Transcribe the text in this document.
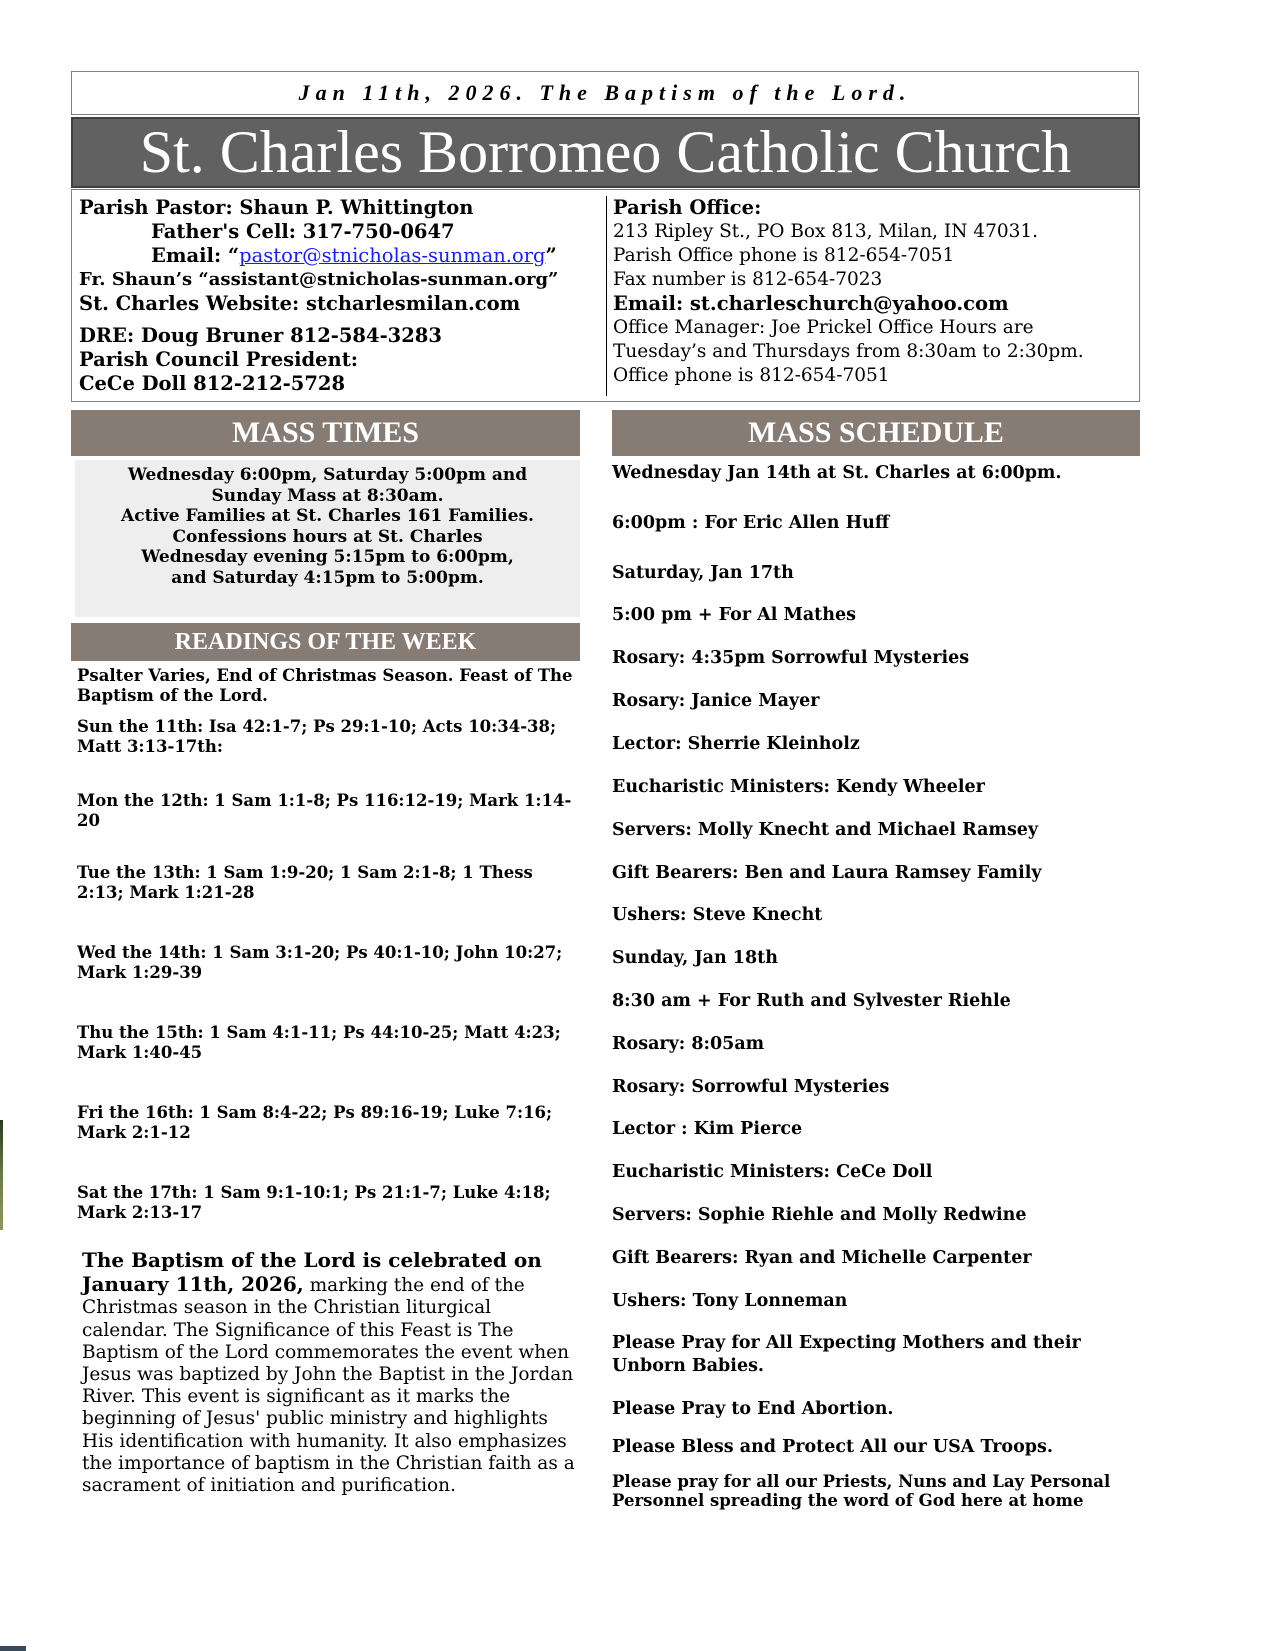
Jan 11th, 2026. The Baptism of the Lord.
St. Charles Borromeo Catholic Church
Parish Pastor: Shaun P. Whittington
Father's Cell: 317-750-0647
Email: “pastor@stnicholas-sunman.org”
Fr. Shaun’s “assistant@stnicholas-sunman.org”
St. Charles Website: stcharlesmilan.com
DRE: Doug Bruner 812-584-3283
Parish Council President:
CeCe Doll 812-212-5728
Parish Office:
213 Ripley St., PO Box 813, Milan, IN 47031.
Parish Office phone is 812-654-7051
Fax number is 812-654-7023
Email: st.charleschurch@yahoo.com
Office Manager: Joe Prickel Office Hours are
Tuesday’s and Thursdays from 8:30am to 2:30pm.
Office phone is 812-654-7051
MASS TIMES
Wednesday 6:00pm, Saturday 5:00pm and
Sunday Mass at 8:30am.
Active Families at St. Charles 161 Families.
Confessions hours at St. Charles
Wednesday evening 5:15pm to 6:00pm,
and Saturday 4:15pm to 5:00pm.
READINGS OF THE WEEK
Psalter Varies, End of Christmas Season. Feast of The Baptism of the Lord.
Sun the 11th: Isa 42:1-7; Ps 29:1-10; Acts 10:34-38; Matt 3:13-17th:
Mon the 12th: 1 Sam 1:1-8; Ps 116:12-19; Mark 1:14-20
Tue the 13th: 1 Sam 1:9-20; 1 Sam 2:1-8; 1 Thess 2:13; Mark 1:21-28
Wed the 14th: 1 Sam 3:1-20; Ps 40:1-10; John 10:27; Mark 1:29-39
Thu the 15th: 1 Sam 4:1-11; Ps 44:10-25; Matt 4:23; Mark 1:40-45
Fri the 16th: 1 Sam 8:4-22; Ps 89:16-19; Luke 7:16; Mark 2:1-12
Sat the 17th: 1 Sam 9:1-10:1; Ps 21:1-7; Luke 4:18; Mark 2:13-17
The Baptism of the Lord is celebrated on January 11th, 2026, marking the end of the Christmas season in the Christian liturgical calendar. The Significance of this Feast is The Baptism of the Lord commemorates the event when Jesus was baptized by John the Baptist in the Jordan River. This event is significant as it marks the beginning of Jesus' public ministry and highlights His identification with humanity. It also emphasizes the importance of baptism in the Christian faith as a sacrament of initiation and purification.
MASS SCHEDULE
Wednesday Jan 14th at St. Charles at 6:00pm.
6:00pm : For Eric Allen Huff
Saturday, Jan 17th
5:00 pm + For Al Mathes
Rosary: 4:35pm Sorrowful Mysteries
Rosary: Janice Mayer
Lector: Sherrie Kleinholz
Eucharistic Ministers: Kendy Wheeler
Servers: Molly Knecht and Michael Ramsey
Gift Bearers: Ben and Laura Ramsey Family
Ushers: Steve Knecht
Sunday, Jan 18th
8:30 am + For Ruth and Sylvester Riehle
Rosary: 8:05am
Rosary: Sorrowful Mysteries
Lector : Kim Pierce
Eucharistic Ministers: CeCe Doll
Servers: Sophie Riehle and Molly Redwine
Gift Bearers: Ryan and Michelle Carpenter
Ushers: Tony Lonneman
Please Pray for All Expecting Mothers and their Unborn Babies.
Please Pray to End Abortion.
Please Bless and Protect All our USA Troops.
Please pray for all our Priests, Nuns and Lay Personal Personnel spreading the word of God here at home
